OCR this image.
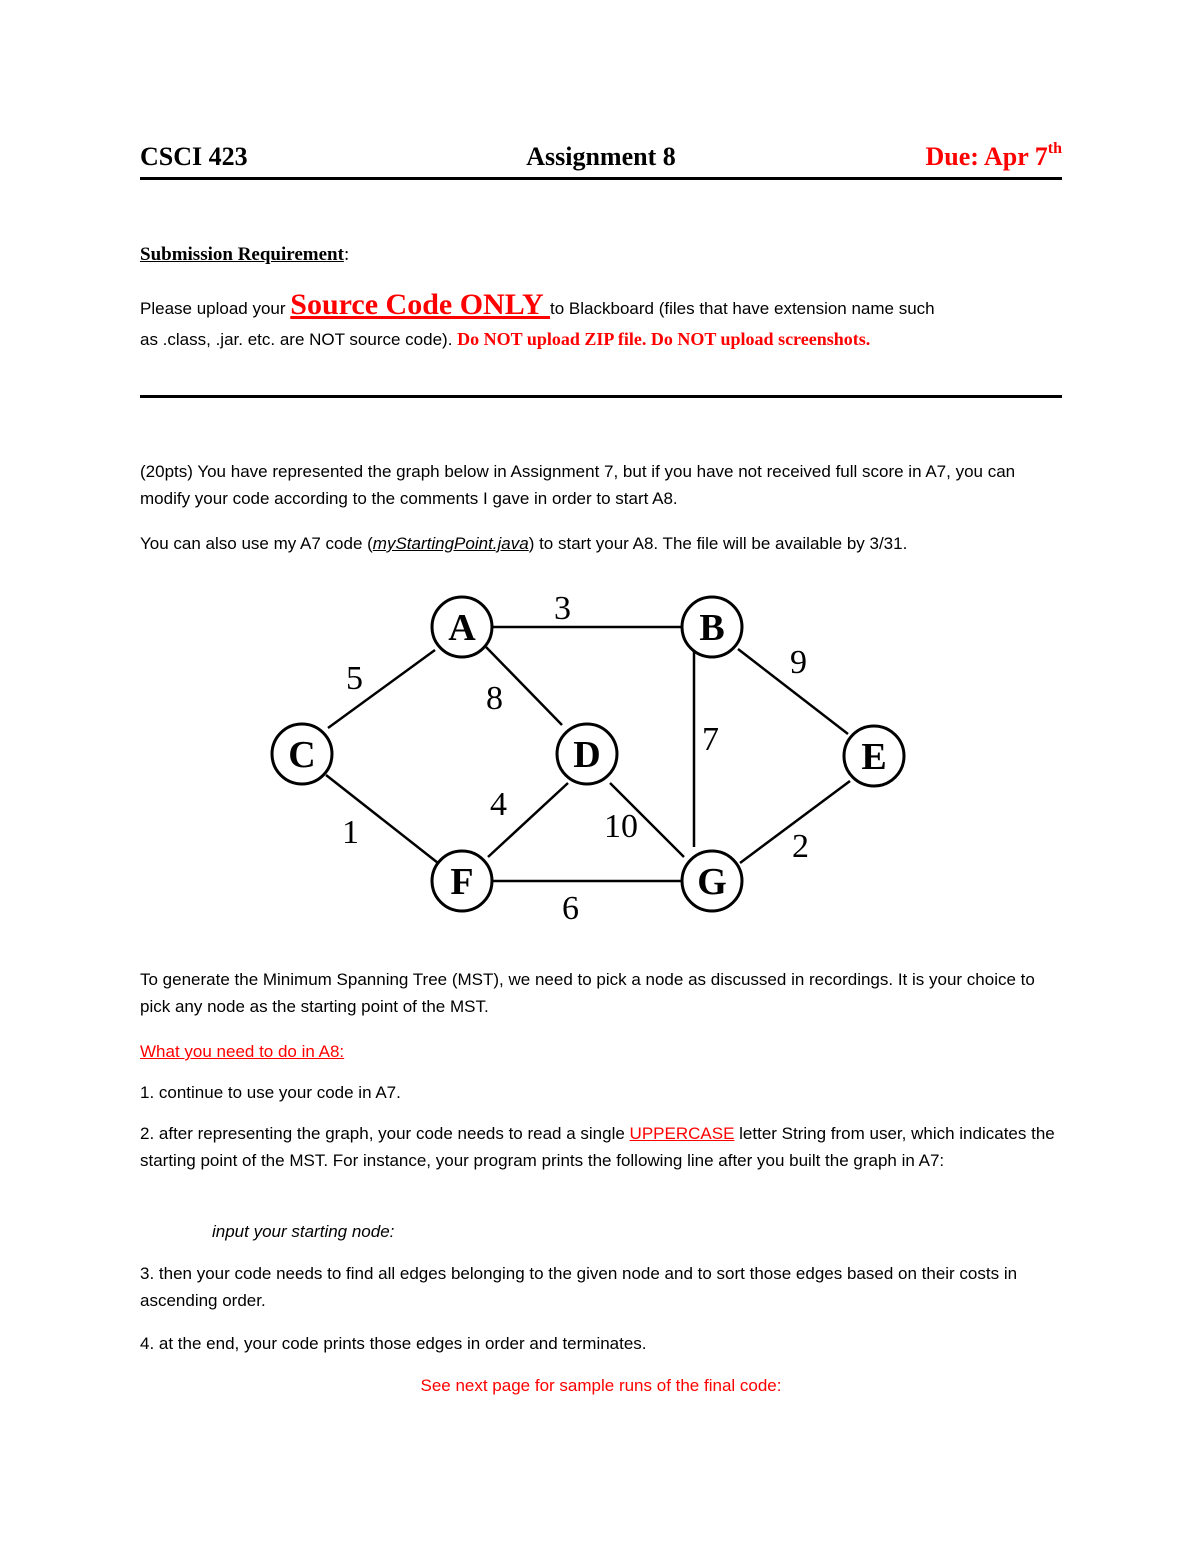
CSCI 423	Assignment 8	Due: Apr 7th
Submission Requirement:
Please upload your Source Code ONLY to Blackboard (files that have extension name such
as .class, .jar. etc. are NOT source code). Do NOT upload ZIP file. Do NOT upload screenshots.
(20pts) You have represented the graph below in Assignment 7, but if you have not received full score in A7, you can modify your code according to the comments I gave in order to start A8.
You can also use my A7 code (myStartingPoint.java) to start your A8. The file will be available by 3/31.
3
5
8
9
7
1
4
10
2
6
A	B
C	D	E
F	G
To generate the Minimum Spanning Tree (MST), we need to pick a node as discussed in recordings. It is your choice to pick any node as the starting point of the MST.
What you need to do in A8:
1. continue to use your code in A7.
2. after representing the graph, your code needs to read a single UPPERCASE letter String from user, which indicates the starting point of the MST. For instance, your program prints the following line after you built the graph in A7:
input your starting node:
3. then your code needs to find all edges belonging to the given node and to sort those edges based on their costs in ascending order.
4. at the end, your code prints those edges in order and terminates.
See next page for sample runs of the final code:
